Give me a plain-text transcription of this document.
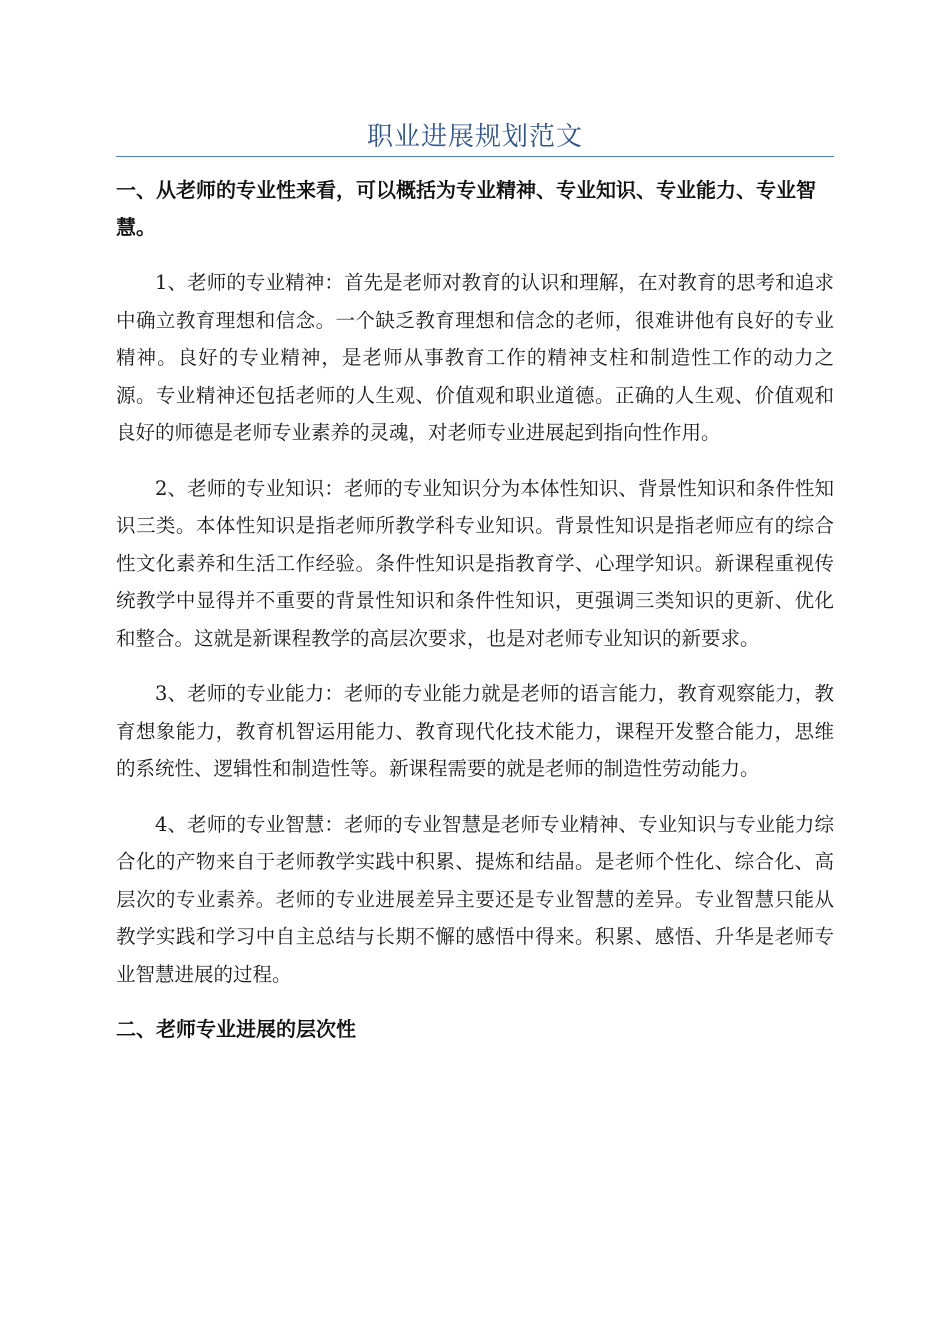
职业进展规划范文

一、从老师的专业性来看，可以概括为专业精神、专业知识、专业能力、专业智慧。

1、老师的专业精神：首先是老师对教育的认识和理解，在对教育的思考和追求中确立教育理想和信念。一个缺乏教育理想和信念的老师，很难讲他有良好的专业精神。良好的专业精神，是老师从事教育工作的精神支柱和制造性工作的动力之源。专业精神还包括老师的人生观、价值观和职业道德。正确的人生观、价值观和良好的师德是老师专业素养的灵魂，对老师专业进展起到指向性作用。

2、老师的专业知识：老师的专业知识分为本体性知识、背景性知识和条件性知识三类。本体性知识是指老师所教学科专业知识。背景性知识是指老师应有的综合性文化素养和生活工作经验。条件性知识是指教育学、心理学知识。新课程重视传统教学中显得并不重要的背景性知识和条件性知识，更强调三类知识的更新、优化和整合。这就是新课程教学的高层次要求，也是对老师专业知识的新要求。

3、老师的专业能力：老师的专业能力就是老师的语言能力，教育观察能力，教育想象能力，教育机智运用能力、教育现代化技术能力，课程开发整合能力，思维的系统性、逻辑性和制造性等。新课程需要的就是老师的制造性劳动能力。

4、老师的专业智慧：老师的专业智慧是老师专业精神、专业知识与专业能力综合化的产物来自于老师教学实践中积累、提炼和结晶。是老师个性化、综合化、高层次的专业素养。老师的专业进展差异主要还是专业智慧的差异。专业智慧只能从教学实践和学习中自主总结与长期不懈的感悟中得来。积累、感悟、升华是老师专业智慧进展的过程。

二、老师专业进展的层次性
